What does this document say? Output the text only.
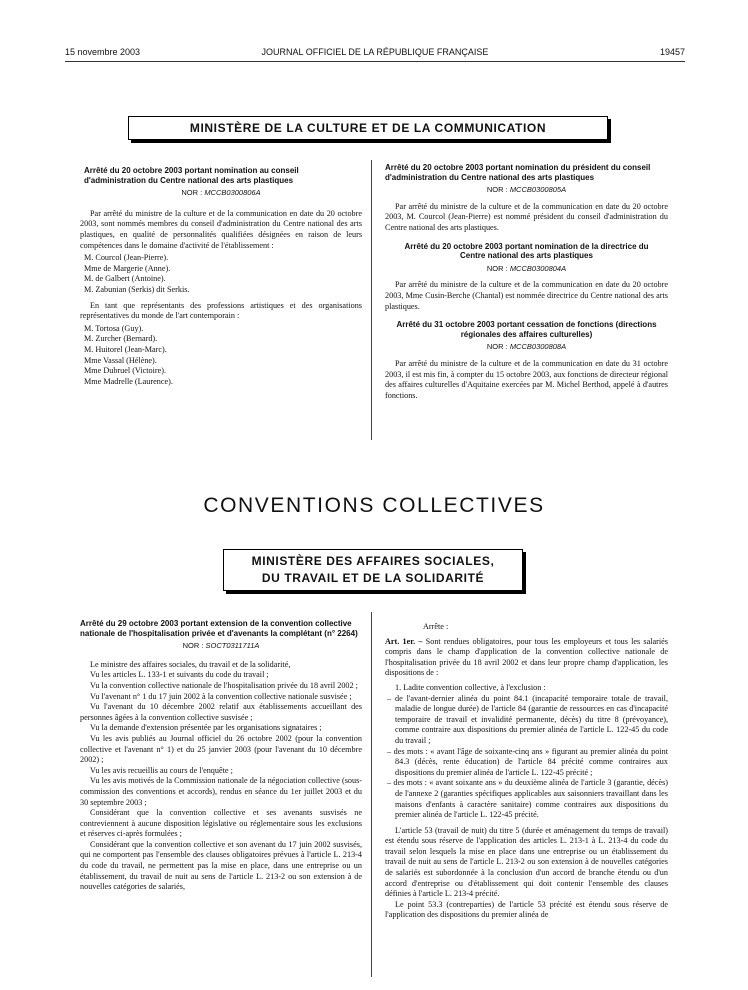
15 novembre 2003	JOURNAL OFFICIEL DE LA RÉPUBLIQUE FRANÇAISE	19457
MINISTÈRE DE LA CULTURE ET DE LA COMMUNICATION
Arrêté du 20 octobre 2003 portant nomination au conseil d'administration du Centre national des arts plastiques
NOR : MCCB0300806A

Par arrêté du ministre de la culture et de la communication en date du 20 octobre 2003, sont nommés membres du conseil d'administration du Centre national des arts plastiques, en qualité de personnalités qualifiées désignées en raison de leurs compétences dans le domaine d'activité de l'établissement :

M. Courcol (Jean-Pierre).
Mme de Margerie (Anne).
M. de Galbert (Antoine).
M. Zabunian (Serkis) dit Serkis.

En tant que représentants des professions artistiques et des organisations représentatives du monde de l'art contemporain :

M. Tortosa (Guy).
M. Zurcher (Bernard).
M. Huitorel (Jean-Marc).
Mme Vassal (Hélène).
Mme Dubruel (Victoire).
Mme Madrelle (Laurence).
Arrêté du 20 octobre 2003 portant nomination du président du conseil d'administration du Centre national des arts plastiques
NOR : MCCB0300805A

Par arrêté du ministre de la culture et de la communication en date du 20 octobre 2003, M. Courcol (Jean-Pierre) est nommé président du conseil d'administration du Centre national des arts plastiques.

Arrêté du 20 octobre 2003 portant nomination de la directrice du Centre national des arts plastiques
NOR : MCCB0300804A

Par arrêté du ministre de la culture et de la communication en date du 20 octobre 2003, Mme Cusin-Berche (Chantal) est nommée directrice du Centre national des arts plastiques.

Arrêté du 31 octobre 2003 portant cessation de fonctions (directions régionales des affaires culturelles)
NOR : MCCB0300808A

Par arrêté du ministre de la culture et de la communication en date du 31 octobre 2003, il est mis fin, à compter du 15 octobre 2003, aux fonctions de directeur régional des affaires culturelles d'Aquitaine exercées par M. Michel Berthod, appelé à d'autres fonctions.

CONVENTIONS COLLECTIVES
MINISTÈRE DES AFFAIRES SOCIALES,
DU TRAVAIL ET DE LA SOLIDARITÉ
Arrêté du 29 octobre 2003 portant extension de la convention collective nationale de l'hospitalisation privée et d'avenants la complétant (n° 2264)
NOR : SOCT0311711A

Le ministre des affaires sociales, du travail et de la solidarité,

Vu les articles L. 133-1 et suivants du code du travail ;

Vu la convention collective nationale de l'hospitalisation privée du 18 avril 2002 ;

Vu l'avenant n° 1 du 17 juin 2002 à la convention collective nationale susvisée ;

Vu l'avenant du 10 décembre 2002 relatif aux établissements accueillant des personnes âgées à la convention collective susvisée ;

Vu la demande d'extension présentée par les organisations signataires ;

Vu les avis publiés au Journal officiel du 26 octobre 2002 (pour la convention collective et l'avenant n° 1) et du 25 janvier 2003 (pour l'avenant du 10 décembre 2002) ;

Vu les avis recueillis au cours de l'enquête ;

Vu les avis motivés de la Commission nationale de la négociation collective (sous-commission des conventions et accords), rendus en séance du 1er juillet 2003 et du 30 septembre 2003 ;

Considérant que la convention collective et ses avenants susvisés ne contreviennent à aucune disposition législative ou réglementaire sous les exclusions et réserves ci-après formulées ;

Considérant que la convention collective et son avenant du 17 juin 2002 susvisés, qui ne comportent pas l'ensemble des clauses obligatoires prévues à l'article L. 213-4 du code du travail, ne permettent pas la mise en place, dans une entreprise ou un établissement, du travail de nuit au sens de l'article L. 213-2 ou son extension à de nouvelles catégories de salariés,

Arrête :

Art. 1er. – Sont rendues obligatoires, pour tous les employeurs et tous les salariés compris dans le champ d'application de la convention collective nationale de l'hospitalisation privée du 18 avril 2002 et dans leur propre champ d'application, les dispositions de :

1. Ladite convention collective, à l'exclusion :

– de l'avant-dernier alinéa du point 84.1 (incapacité temporaire totale de travail, maladie de longue durée) de l'article 84 (garantie de ressources en cas d'incapacité temporaire de travail et invalidité permanente, décès) du titre 8 (prévoyance), comme contraire aux dispositions du premier alinéa de l'article L. 122-45 du code du travail ;

– des mots : « avant l'âge de soixante-cinq ans » figurant au premier alinéa du point 84.3 (décès, rente éducation) de l'article 84 précité comme contraires aux dispositions du premier alinéa de l'article L. 122-45 précité ;

– des mots : « avant soixante ans » du deuxième alinéa de l'article 3 (garantie, décès) de l'annexe 2 (garanties spécifiques applicables aux saisonniers travaillant dans les maisons d'enfants à caractère sanitaire) comme contraires aux dispositions du premier alinéa de l'article L. 122-45 précité.

L'article 53 (travail de nuit) du titre 5 (durée et aménagement du temps de travail) est étendu sous réserve de l'application des articles L. 213-1 à L. 213-4 du code du travail selon lesquels la mise en place dans une entreprise ou un établissement du travail de nuit au sens de l'article L. 213-2 ou son extension à de nouvelles catégories de salariés est subordonnée à la conclusion d'un accord de branche étendu ou d'un accord d'entreprise ou d'établissement qui doit contenir l'ensemble des clauses définies à l'article L. 213-4 précité.

Le point 53.3 (contreparties) de l'article 53 précité est étendu sous réserve de l'application des dispositions du premier alinéa de
